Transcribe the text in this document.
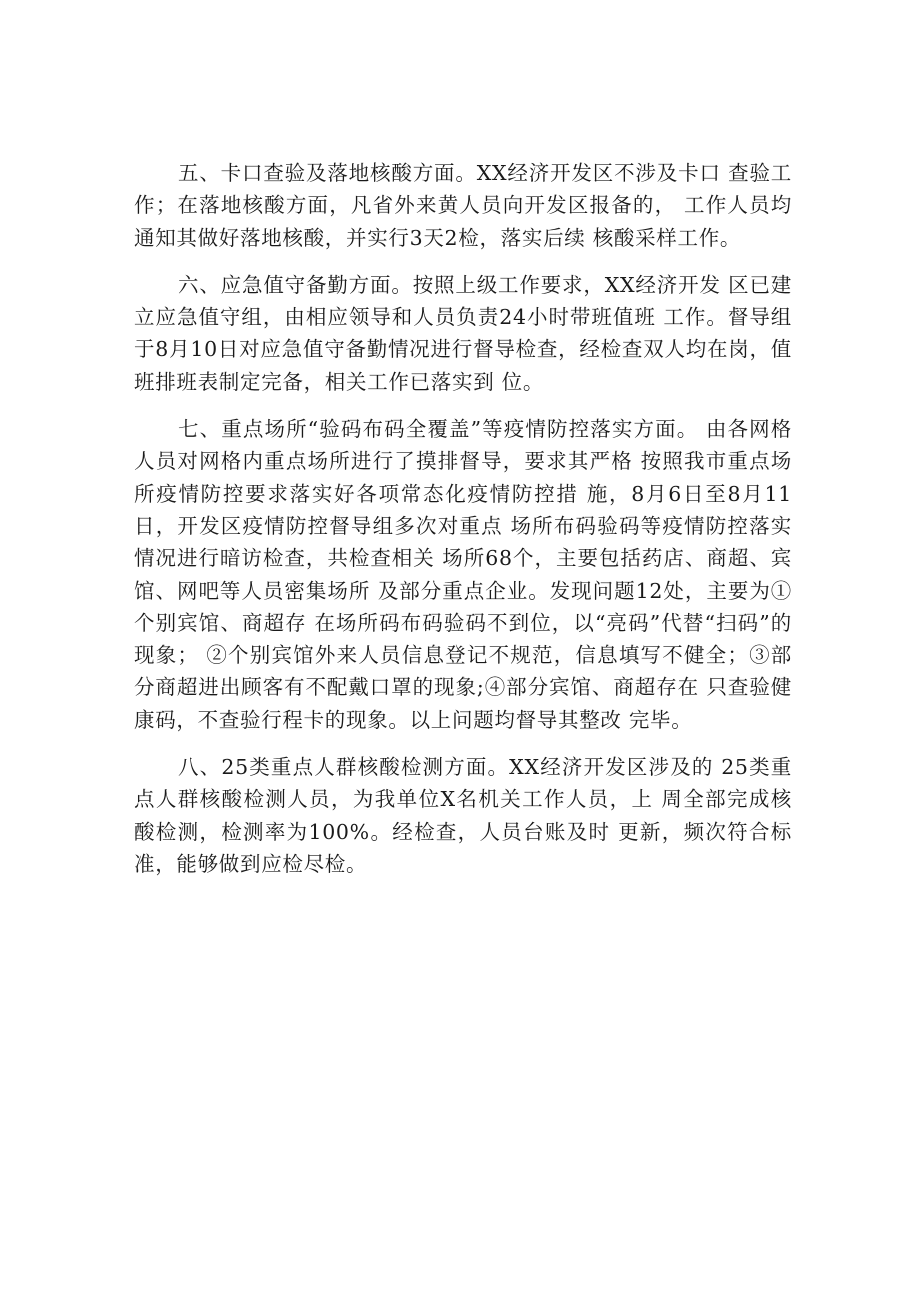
五、卡口查验及落地核酸方面。XX经济开发区不涉及卡口 查验工作；在落地核酸方面，凡省外来黄人员向开发区报备的， 工作人员均通知其做好落地核酸，并实行3天2检，落实后续 核酸采样工作。

六、应急值守备勤方面。按照上级工作要求，XX经济开发 区已建立应急值守组，由相应领导和人员负责24小时带班值班 工作。督导组于8月10日对应急值守备勤情况进行督导检查，经检查双人均在岗，值班排班表制定完备，相关工作已落实到 位。

七、重点场所“验码布码全覆盖”等疫情防控落实方面。 由各网格人员对网格内重点场所进行了摸排督导，要求其严格 按照我市重点场所疫情防控要求落实好各项常态化疫情防控措 施，8月6日至8月11日，开发区疫情防控督导组多次对重点 场所布码验码等疫情防控落实情况进行暗访检查，共检查相关 场所68个，主要包括药店、商超、宾馆、网吧等人员密集场所 及部分重点企业。发现问题12处，主要为①个别宾馆、商超存 在场所码布码验码不到位，以“亮码”代替“扫码”的现象； ②个别宾馆外来人员信息登记不规范，信息填写不健全；③部 分商超进出顾客有不配戴口罩的现象;④部分宾馆、商超存在 只查验健康码，不查验行程卡的现象。以上问题均督导其整改 完毕。

八、25类重点人群核酸检测方面。XX经济开发区涉及的 25类重点人群核酸检测人员，为我单位X名机关工作人员，上 周全部完成核酸检测，检测率为100%。经检查，人员台账及时 更新，频次符合标准，能够做到应检尽检。
